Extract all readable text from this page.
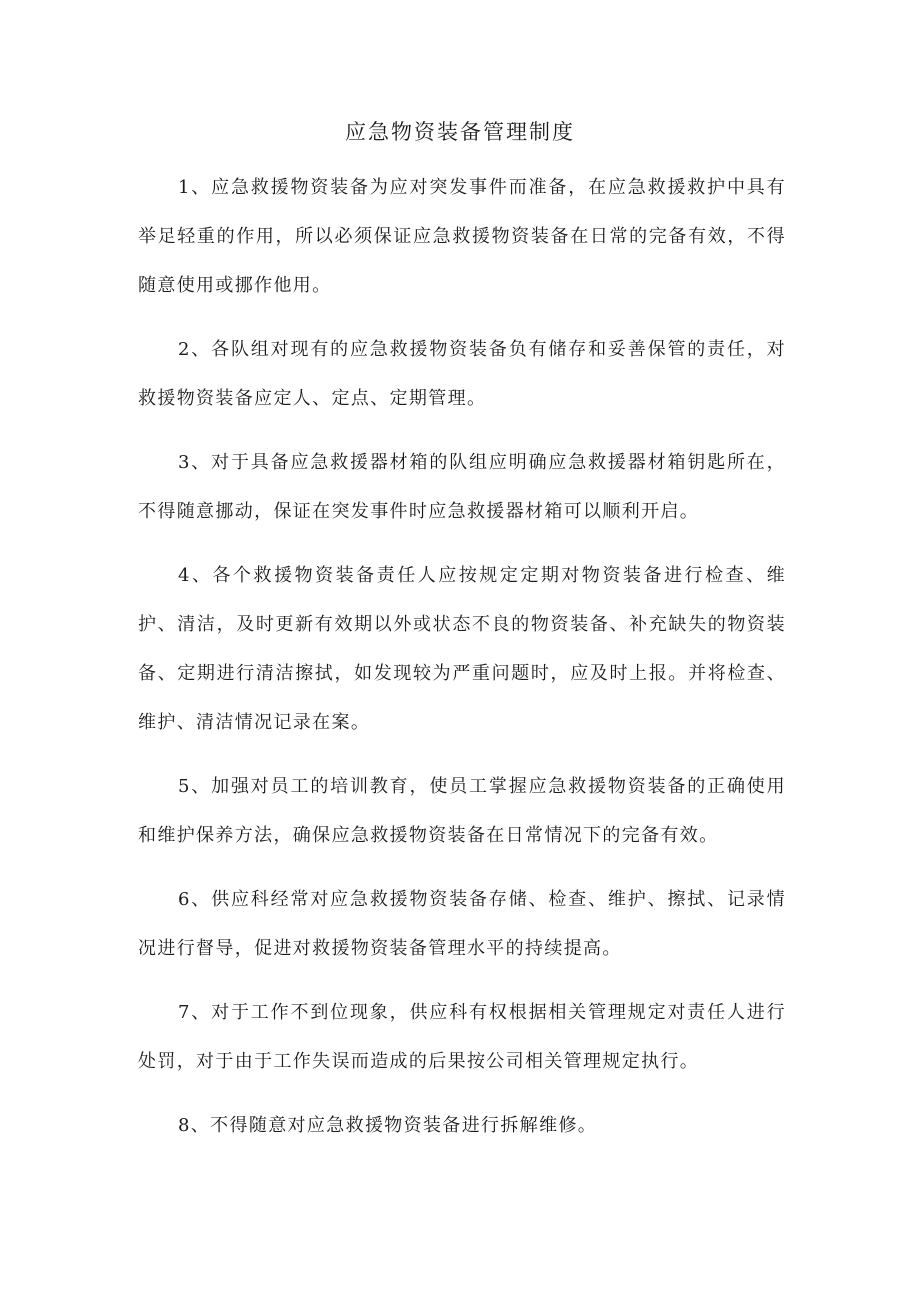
应急物资装备管理制度

1、应急救援物资装备为应对突发事件而准备，在应急救援救护中具有举足轻重的作用，所以必须保证应急救援物资装备在日常的完备有效，不得随意使用或挪作他用。

2、各队组对现有的应急救援物资装备负有储存和妥善保管的责任，对救援物资装备应定人、定点、定期管理。

3、对于具备应急救援器材箱的队组应明确应急救援器材箱钥匙所在，不得随意挪动，保证在突发事件时应急救援器材箱可以顺利开启。

4、各个救援物资装备责任人应按规定定期对物资装备进行检查、维护、清洁，及时更新有效期以外或状态不良的物资装备、补充缺失的物资装备、定期进行清洁擦拭，如发现较为严重问题时，应及时上报。并将检查、维护、清洁情况记录在案。

5、加强对员工的培训教育，使员工掌握应急救援物资装备的正确使用和维护保养方法，确保应急救援物资装备在日常情况下的完备有效。

6、供应科经常对应急救援物资装备存储、检查、维护、擦拭、记录情况进行督导，促进对救援物资装备管理水平的持续提高。

7、对于工作不到位现象，供应科有权根据相关管理规定对责任人进行处罚，对于由于工作失误而造成的后果按公司相关管理规定执行。

8、不得随意对应急救援物资装备进行拆解维修。
